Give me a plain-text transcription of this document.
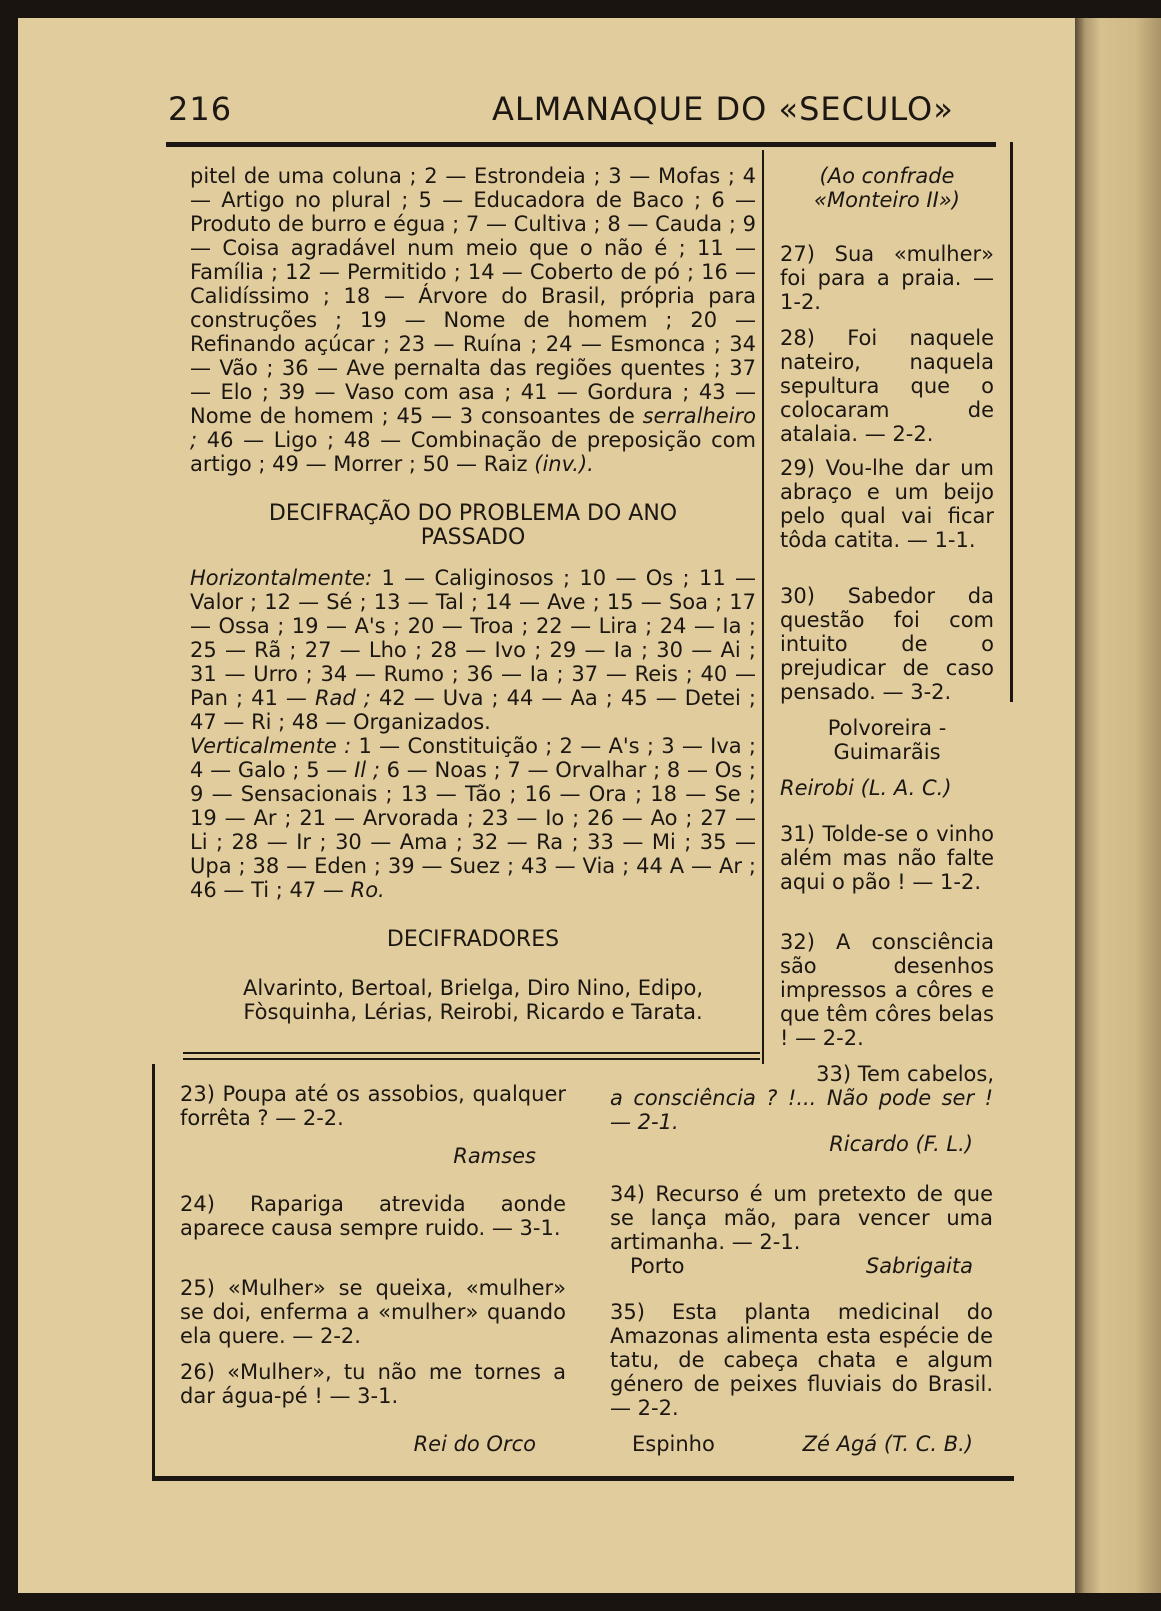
216	ALMANAQUE DO «SECULO»

pitel de uma coluna ; 2 — Estrondeia ; 3 — Mofas ; 4 — Artigo no plural ; 5 — Educadora de Baco ; 6 — Produto de burro e égua ; 7 — Cultiva ; 8 — Cauda ; 9 — Coisa agradável num meio que o não é ; 11 — Família ; 12 — Permitido ; 14 — Coberto de pó ; 16 — Calidíssimo ; 18 — Árvore do Brasil, própria para construções ; 19 — Nome de homem ; 20 — Refinando açúcar ; 23 — Ruína ; 24 — Esmonca ; 34 — Vão ; 36 — Ave pernalta das regiões quentes ; 37 — Elo ; 39 — Vaso com asa ; 41 — Gordura ; 43 — Nome de homem ; 45 — 3 consoantes de serralheiro ; 46 — Ligo ; 48 — Combinação de preposição com artigo ; 49 — Morrer ; 50 — Raiz (inv.).

DECIFRAÇÃO DO PROBLEMA DO ANO PASSADO

Horizontalmente: 1 — Caliginosos ; 10 — Os ; 11 — Valor ; 12 — Sé ; 13 — Tal ; 14 — Ave ; 15 — Soa ; 17 — Ossa ; 19 — A's ; 20 — Troa ; 22 — Lira ; 24 — Ia ; 25 — Rã ; 27 — Lho ; 28 — Ivo ; 29 — Ia ; 30 — Ai ; 31 — Urro ; 34 — Rumo ; 36 — Ia ; 37 — Reis ; 40 — Pan ; 41 — Rad ; 42 — Uva ; 44 — Aa ; 45 — Detei ; 47 — Ri ; 48 — Organizados.
Verticalmente : 1 — Constituição ; 2 — A's ; 3 — Iva ; 4 — Galo ; 5 — Il ; 6 — Noas ; 7 — Orvalhar ; 8 — Os ; 9 — Sensacionais ; 13 — Tão ; 16 — Ora ; 18 — Se ; 19 — Ar ; 21 — Arvorada ; 23 — Io ; 26 — Ao ; 27 — Li ; 28 — Ir ; 30 — Ama ; 32 — Ra ; 33 — Mi ; 35 — Upa ; 38 — Eden ; 39 — Suez ; 43 — Via ; 44 A — Ar ; 46 — Ti ; 47 — Ro.

DECIFRADORES

Alvarinto, Bertoal, Brielga, Diro Nino, Edipo, Fòsquinha, Lérias, Reirobi, Ricardo e Tarata.

(Ao confrade «Monteiro II»)

27) Sua «mulher» foi para a praia. — 1-2.

28) Foi naquele nateiro, naquela sepultura que o colocaram de atalaia. — 2-2.

29) Vou-lhe dar um abraço e um beijo pelo qual vai ficar tôda catita. — 1-1.

30) Sabedor da questão foi com intuito de o prejudicar de caso pensado. — 3-2.

Polvoreira - Guimarãis
Reirobi (L. A. C.)

31) Tolde-se o vinho além mas não falte aqui o pão ! — 1-2.

32) A consciência são desenhos impressos a côres e que têm côres belas ! — 2-2.

33) Tem cabelos,

23) Poupa até os assobios, qualquer forrêta ? — 2-2.

Ramses

24) Rapariga atrevida aonde aparece causa sempre ruido. — 3-1.

25) «Mulher» se queixa, «mulher» se doi, enferma a «mulher» quando ela quere. — 2-2.

26) «Mulher», tu não me tornes a dar água-pé ! — 3-1.

Rei do Orco

a consciência ? !... Não pode ser ! — 2-1.

Ricardo (F. L.)

34) Recurso é um pretexto de que se lança mão, para vencer uma artimanha. — 2-1.

Porto	Sabrigaita

35) Esta planta medicinal do Amazonas alimenta esta espécie de tatu, de cabeça chata e algum género de peixes fluviais do Brasil. — 2-2.

Espinho	Zé Agá (T. C. B.)
